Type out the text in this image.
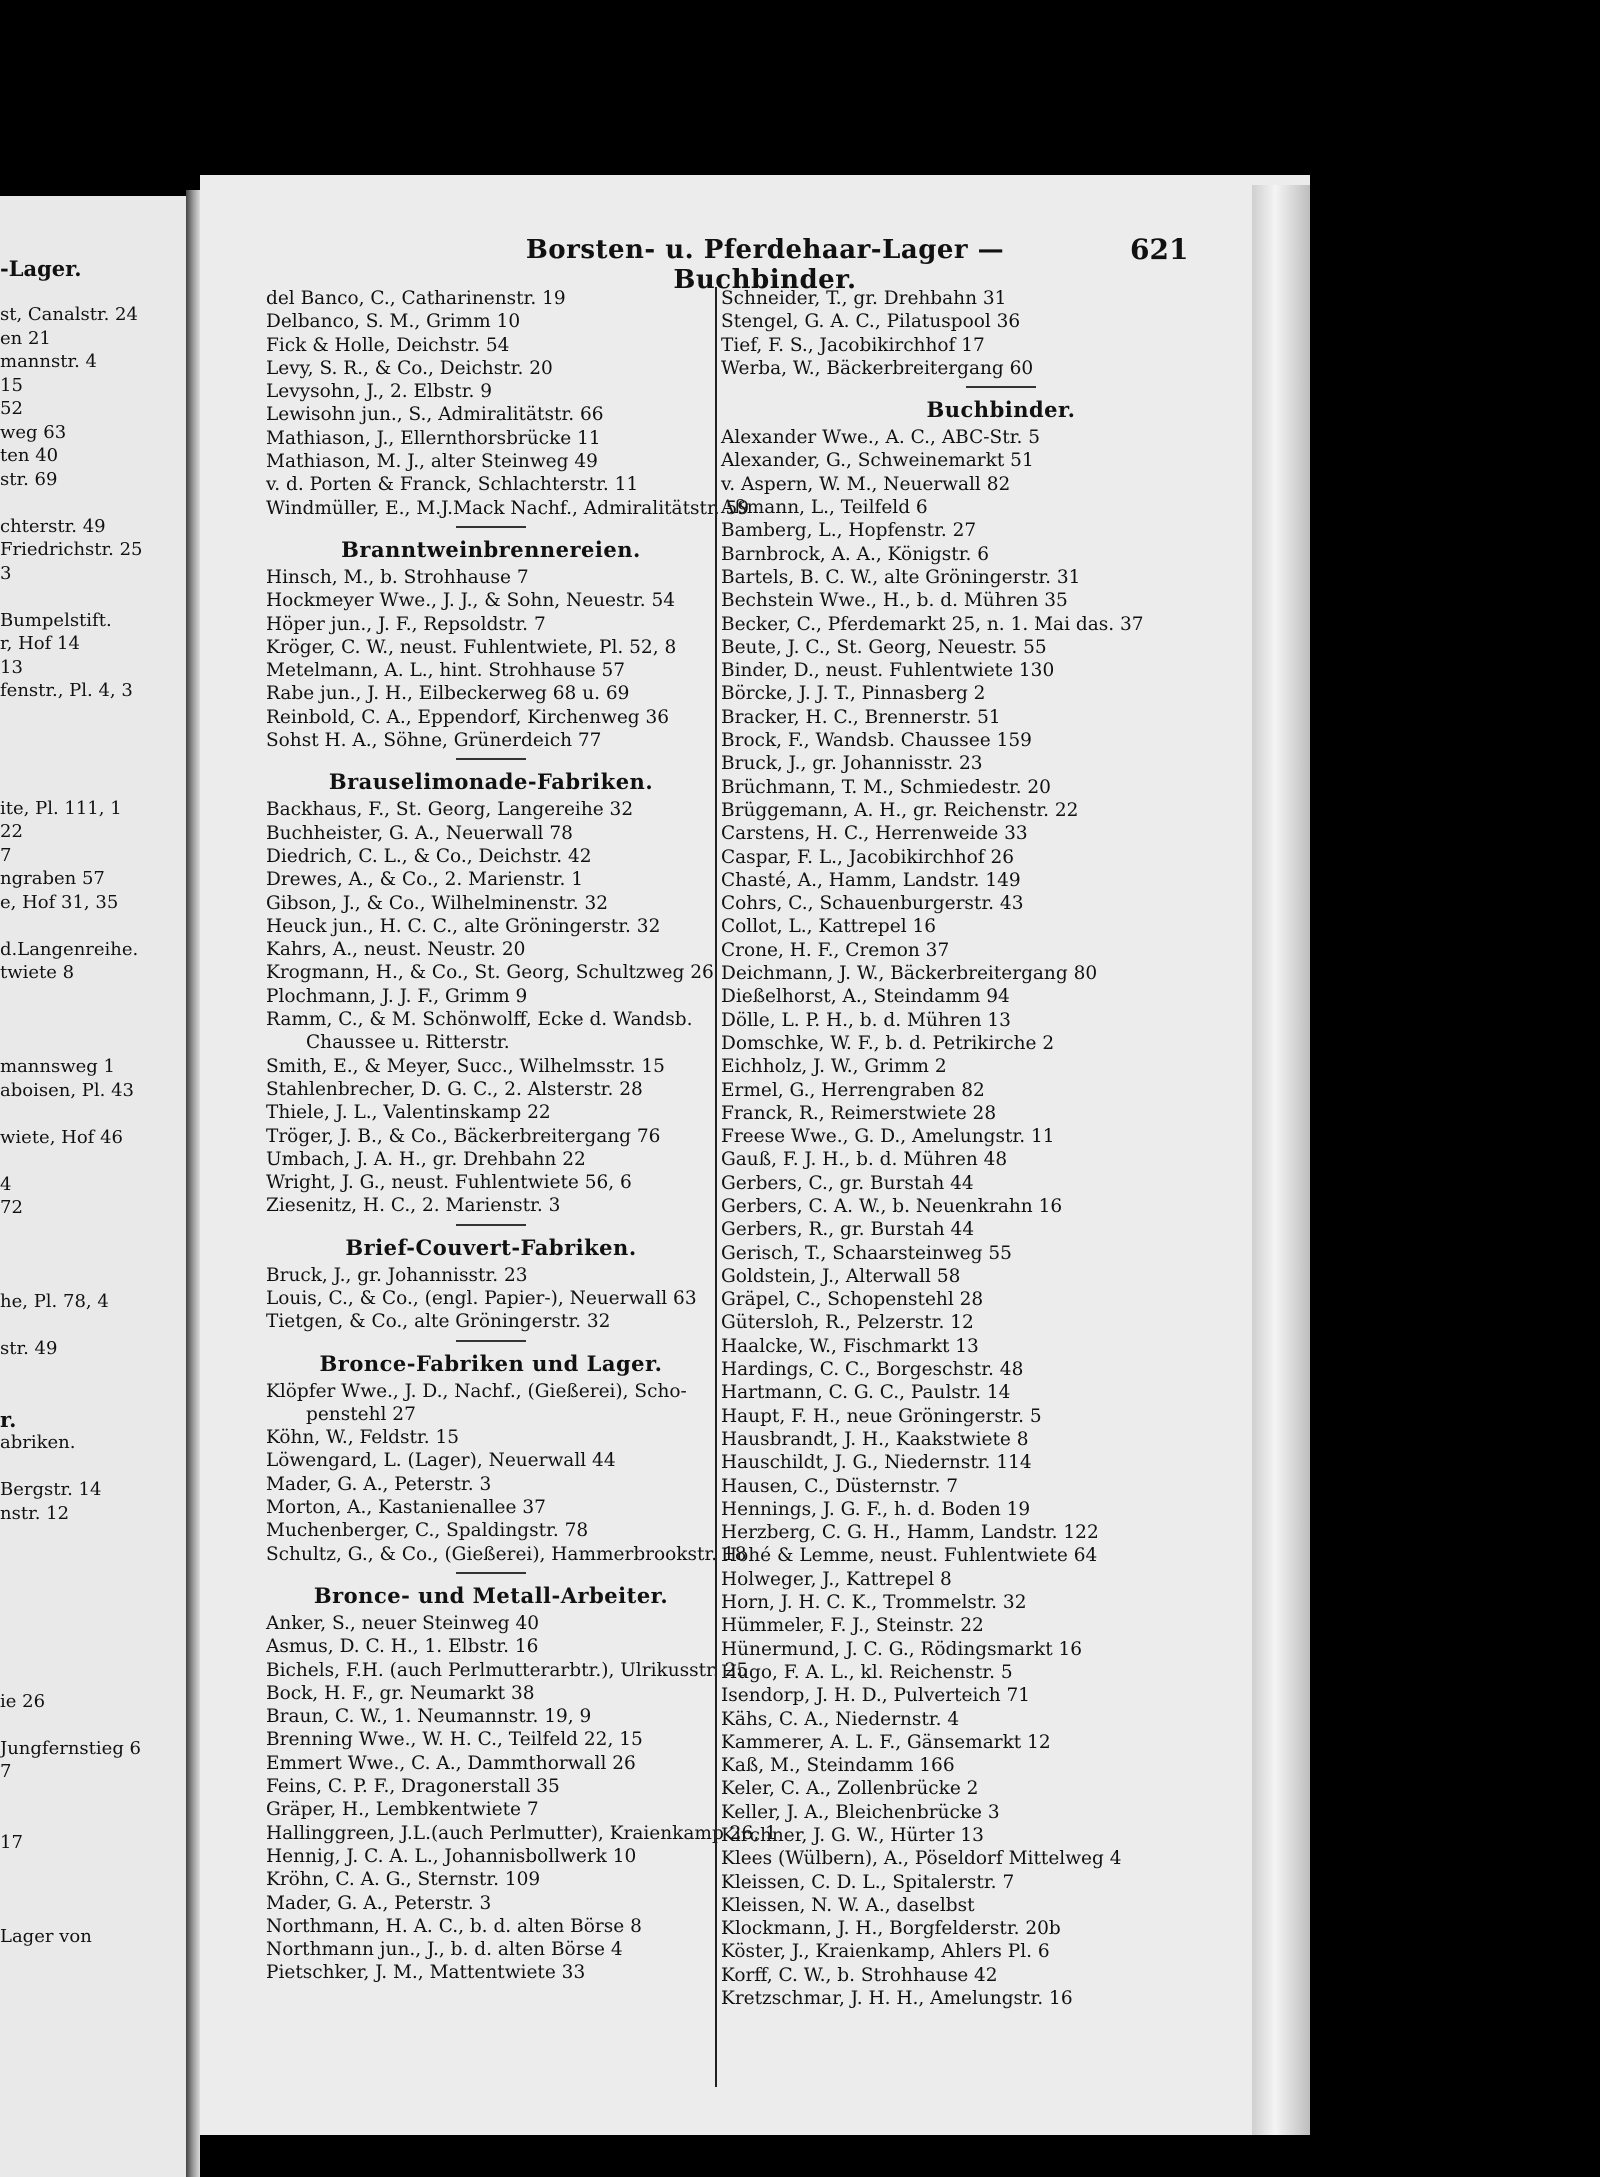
-Lager.
st, Canalstr. 24
en 21
mannstr. 4
15
52
weg 63
ten 40
str. 69
chterstr. 49
Friedrichstr. 25
3
Bumpelstift.
r, Hof 14
13
fenstr., Pl. 4, 3
ite, Pl. 111, 1
22
7
ngraben 57
e, Hof 31, 35
d.Langenreihe.
twiete 8
mannsweg 1
aboisen, Pl. 43
wiete, Hof 46
4
72
he, Pl. 78, 4
str. 49
r.
abriken.
Bergstr. 14
nstr. 12
ie 26
Jungfernstieg 6
7
17
Lager von
Borsten- u. Pferdehaar-Lager — Buchbinder.
621
del Banco, C., Catharinenstr. 19
Delbanco, S. M., Grimm 10
Fick & Holle, Deichstr. 54
Levy, S. R., & Co., Deichstr. 20
Levysohn, J., 2. Elbstr. 9
Lewisohn jun., S., Admiralitätstr. 66
Mathiason, J., Ellernthorsbrücke 11
Mathiason, M. J., alter Steinweg 49
v. d. Porten & Franck, Schlachterstr. 11
Windmüller, E., M.J.Mack Nachf., Admiralitätstr. 59
Branntweinbrennereien.
Hinsch, M., b. Strohhause 7
Hockmeyer Wwe., J. J., & Sohn, Neuestr. 54
Höper jun., J. F., Repsoldstr. 7
Kröger, C. W., neust. Fuhlentwiete, Pl. 52, 8
Metelmann, A. L., hint. Strohhause 57
Rabe jun., J. H., Eilbeckerweg 68 u. 69
Reinbold, C. A., Eppendorf, Kirchenweg 36
Sohst H. A., Söhne, Grünerdeich 77
Brauselimonade-Fabriken.
Backhaus, F., St. Georg, Langereihe 32
Buchheister, G. A., Neuerwall 78
Diedrich, C. L., & Co., Deichstr. 42
Drewes, A., & Co., 2. Marienstr. 1
Gibson, J., & Co., Wilhelminenstr. 32
Heuck jun., H. C. C., alte Gröningerstr. 32
Kahrs, A., neust. Neustr. 20
Krogmann, H., & Co., St. Georg, Schultzweg 26
Plochmann, J. J. F., Grimm 9
Ramm, C., & M. Schönwolff, Ecke d. Wandsb.
Chaussee u. Ritterstr.
Smith, E., & Meyer, Succ., Wilhelmsstr. 15
Stahlenbrecher, D. G. C., 2. Alsterstr. 28
Thiele, J. L., Valentinskamp 22
Tröger, J. B., & Co., Bäckerbreitergang 76
Umbach, J. A. H., gr. Drehbahn 22
Wright, J. G., neust. Fuhlentwiete 56, 6
Ziesenitz, H. C., 2. Marienstr. 3
Brief-Couvert-Fabriken.
Bruck, J., gr. Johannisstr. 23
Louis, C., & Co., (engl. Papier-), Neuerwall 63
Tietgen, & Co., alte Gröningerstr. 32
Bronce-Fabriken und Lager.
Klöpfer Wwe., J. D., Nachf., (Gießerei), Scho-
penstehl 27
Köhn, W., Feldstr. 15
Löwengard, L. (Lager), Neuerwall 44
Mader, G. A., Peterstr. 3
Morton, A., Kastanienallee 37
Muchenberger, C., Spaldingstr. 78
Schultz, G., & Co., (Gießerei), Hammerbrookstr. 18
Bronce- und Metall-Arbeiter.
Anker, S., neuer Steinweg 40
Asmus, D. C. H., 1. Elbstr. 16
Bichels, F.H. (auch Perlmutterarbtr.), Ulrikusstr. 25
Bock, H. F., gr. Neumarkt 38
Braun, C. W., 1. Neumannstr. 19, 9
Brenning Wwe., W. H. C., Teilfeld 22, 15
Emmert Wwe., C. A., Dammthorwall 26
Feins, C. P. F., Dragonerstall 35
Gräper, H., Lembkentwiete 7
Hallinggreen, J.L.(auch Perlmutter), Kraienkamp 26, 1
Hennig, J. C. A. L., Johannisbollwerk 10
Kröhn, C. A. G., Sternstr. 109
Mader, G. A., Peterstr. 3
Northmann, H. A. C., b. d. alten Börse 8
Northmann jun., J., b. d. alten Börse 4
Pietschker, J. M., Mattentwiete 33
Schneider, T., gr. Drehbahn 31
Stengel, G. A. C., Pilatuspool 36
Tief, F. S., Jacobikirchhof 17
Werba, W., Bäckerbreitergang 60
Buchbinder.
Alexander Wwe., A. C., ABC-Str. 5
Alexander, G., Schweinemarkt 51
v. Aspern, W. M., Neuerwall 82
Aßmann, L., Teilfeld 6
Bamberg, L., Hopfenstr. 27
Barnbrock, A. A., Königstr. 6
Bartels, B. C. W., alte Gröningerstr. 31
Bechstein Wwe., H., b. d. Mühren 35
Becker, C., Pferdemarkt 25, n. 1. Mai das. 37
Beute, J. C., St. Georg, Neuestr. 55
Binder, D., neust. Fuhlentwiete 130
Börcke, J. J. T., Pinnasberg 2
Bracker, H. C., Brennerstr. 51
Brock, F., Wandsb. Chaussee 159
Bruck, J., gr. Johannisstr. 23
Brüchmann, T. M., Schmiedestr. 20
Brüggemann, A. H., gr. Reichenstr. 22
Carstens, H. C., Herrenweide 33
Caspar, F. L., Jacobikirchhof 26
Chasté, A., Hamm, Landstr. 149
Cohrs, C., Schauenburgerstr. 43
Collot, L., Kattrepel 16
Crone, H. F., Cremon 37
Deichmann, J. W., Bäckerbreitergang 80
Dießelhorst, A., Steindamm 94
Dölle, L. P. H., b. d. Mühren 13
Domschke, W. F., b. d. Petrikirche 2
Eichholz, J. W., Grimm 2
Ermel, G., Herrengraben 82
Franck, R., Reimerstwiete 28
Freese Wwe., G. D., Amelungstr. 11
Gauß, F. J. H., b. d. Mühren 48
Gerbers, C., gr. Burstah 44
Gerbers, C. A. W., b. Neuenkrahn 16
Gerbers, R., gr. Burstah 44
Gerisch, T., Schaarsteinweg 55
Goldstein, J., Alterwall 58
Gräpel, C., Schopenstehl 28
Gütersloh, R., Pelzerstr. 12
Haalcke, W., Fischmarkt 13
Hardings, C. C., Borgeschstr. 48
Hartmann, C. G. C., Paulstr. 14
Haupt, F. H., neue Gröningerstr. 5
Hausbrandt, J. H., Kaakstwiete 8
Hauschildt, J. G., Niedernstr. 114
Hausen, C., Düsternstr. 7
Hennings, J. G. F., h. d. Boden 19
Herzberg, C. G. H., Hamm, Landstr. 122
Hohé & Lemme, neust. Fuhlentwiete 64
Holweger, J., Kattrepel 8
Horn, J. H. C. K., Trommelstr. 32
Hümmeler, F. J., Steinstr. 22
Hünermund, J. C. G., Rödingsmarkt 16
Hugo, F. A. L., kl. Reichenstr. 5
Isendorp, J. H. D., Pulverteich 71
Kähs, C. A., Niedernstr. 4
Kammerer, A. L. F., Gänsemarkt 12
Kaß, M., Steindamm 166
Keler, C. A., Zollenbrücke 2
Keller, J. A., Bleichenbrücke 3
Kirchner, J. G. W., Hürter 13
Klees (Wülbern), A., Pöseldorf Mittelweg 4
Kleissen, C. D. L., Spitalerstr. 7
Kleissen, N. W. A., daselbst
Klockmann, J. H., Borgfelderstr. 20b
Köster, J., Kraienkamp, Ahlers Pl. 6
Korff, C. W., b. Strohhause 42
Kretzschmar, J. H. H., Amelungstr. 16
